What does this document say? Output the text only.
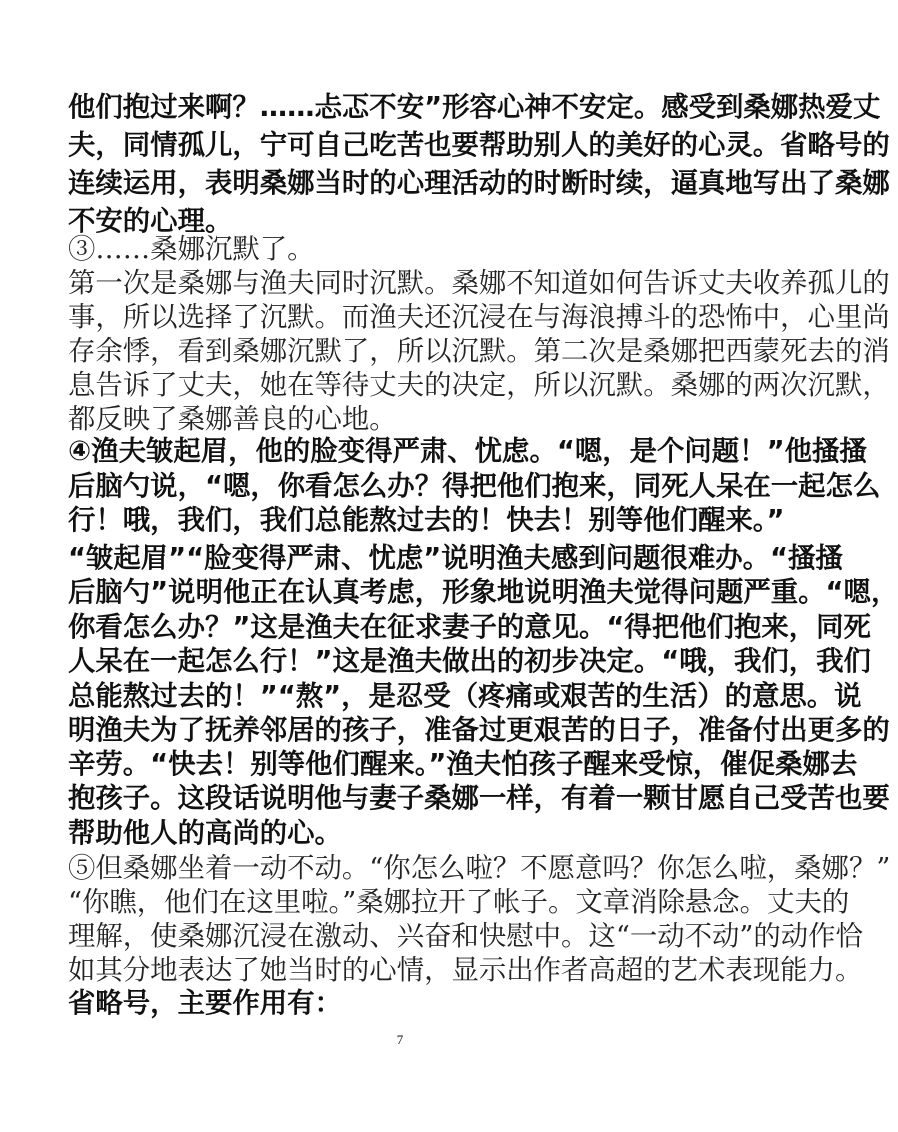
他们抱过来啊？……忐忑不安”形容心神不安定。感受到桑娜热爱丈
夫，同情孤儿，宁可自己吃苦也要帮助别人的美好的心灵。省略号的
连续运用，表明桑娜当时的心理活动的时断时续，逼真地写出了桑娜
不安的心理。
③……桑娜沉默了。
第一次是桑娜与渔夫同时沉默。桑娜不知道如何告诉丈夫收养孤儿的
事，所以选择了沉默。而渔夫还沉浸在与海浪搏斗的恐怖中，心里尚
存余悸，看到桑娜沉默了，所以沉默。第二次是桑娜把西蒙死去的消
息告诉了丈夫，她在等待丈夫的决定，所以沉默。桑娜的两次沉默，
都反映了桑娜善良的心地。
④渔夫皱起眉，他的脸变得严肃、忧虑。“嗯，是个问题！”他搔搔
后脑勺说，“嗯，你看怎么办？得把他们抱来，同死人呆在一起怎么
行！哦，我们，我们总能熬过去的！快去！别等他们醒来。”
“皱起眉”“脸变得严肃、忧虑”说明渔夫感到问题很难办。“搔搔
后脑勺”说明他正在认真考虑，形象地说明渔夫觉得问题严重。“嗯，
你看怎么办？”这是渔夫在征求妻子的意见。“得把他们抱来，同死
人呆在一起怎么行！”这是渔夫做出的初步决定。“哦，我们，我们
总能熬过去的！”“熬”，是忍受（疼痛或艰苦的生活）的意思。说
明渔夫为了抚养邻居的孩子，准备过更艰苦的日子，准备付出更多的
辛劳。“快去！别等他们醒来。”渔夫怕孩子醒来受惊，催促桑娜去
抱孩子。这段话说明他与妻子桑娜一样，有着一颗甘愿自己受苦也要
帮助他人的高尚的心。
⑤但桑娜坐着一动不动。“你怎么啦？不愿意吗？你怎么啦，桑娜？”
“你瞧，他们在这里啦。”桑娜拉开了帐子。文章消除悬念。丈夫的
理解，使桑娜沉浸在激动、兴奋和快慰中。这“一动不动”的动作恰
如其分地表达了她当时的心情，显示出作者高超的艺术表现能力。
省略号，主要作用有：
7
